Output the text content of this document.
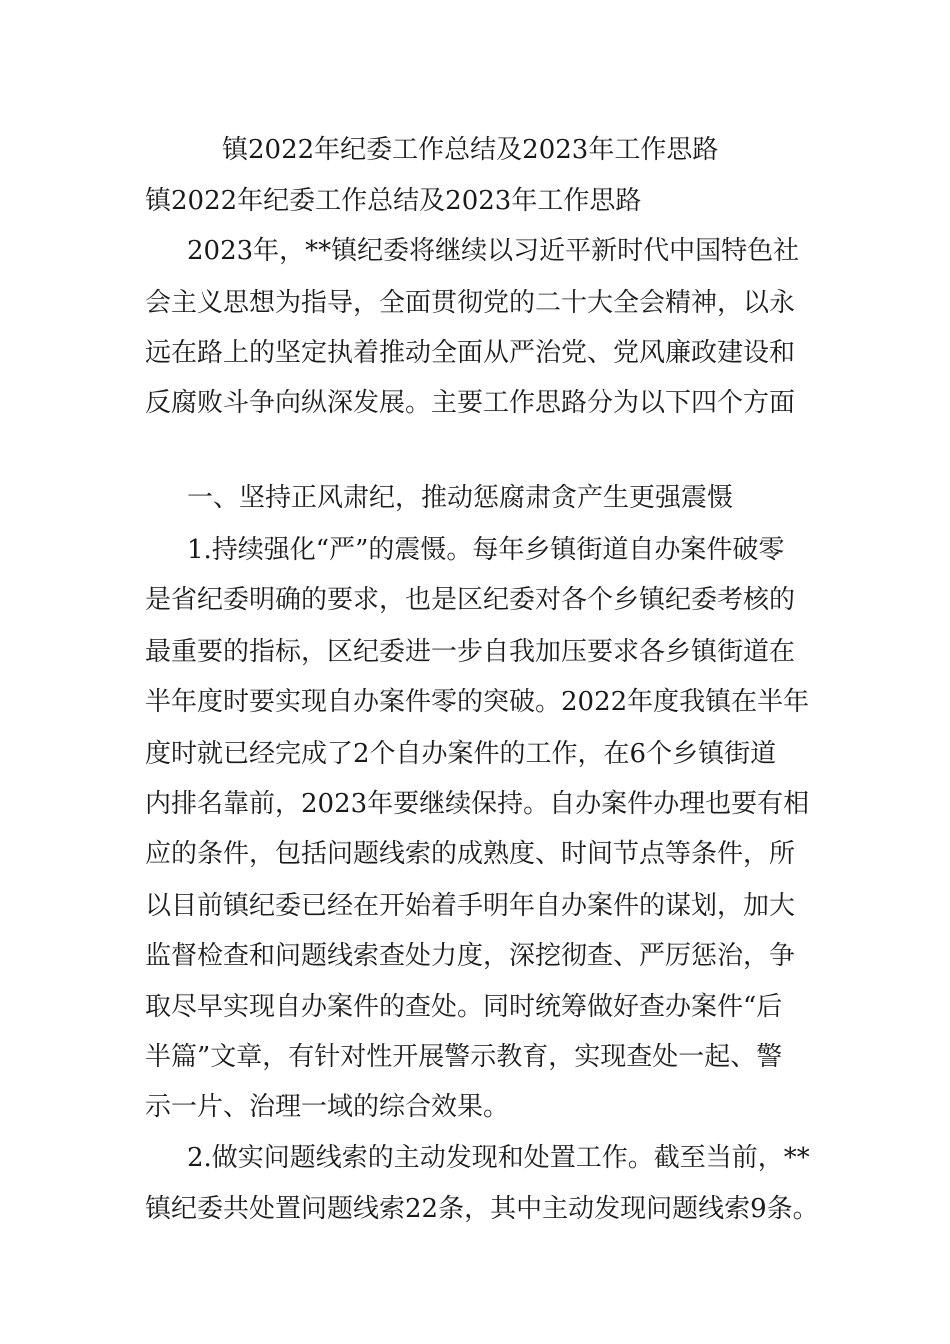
镇2022年纪委工作总结及2023年工作思路
镇2022年纪委工作总结及2023年工作思路
2023年，**镇纪委将继续以习近平新时代中国特色社
会主义思想为指导，全面贯彻党的二十大全会精神，以永
远在路上的坚定执着推动全面从严治党、党风廉政建设和
反腐败斗争向纵深发展。主要工作思路分为以下四个方面
一、坚持正风肃纪，推动惩腐肃贪产生更强震慑
1.持续强化“严”的震慑。每年乡镇街道自办案件破零
是省纪委明确的要求，也是区纪委对各个乡镇纪委考核的
最重要的指标，区纪委进一步自我加压要求各乡镇街道在
半年度时要实现自办案件零的突破。2022年度我镇在半年
度时就已经完成了2个自办案件的工作，在6个乡镇街道
内排名靠前，2023年要继续保持。自办案件办理也要有相
应的条件，包括问题线索的成熟度、时间节点等条件，所
以目前镇纪委已经在开始着手明年自办案件的谋划，加大
监督检查和问题线索查处力度，深挖彻查、严厉惩治，争
取尽早实现自办案件的查处。同时统筹做好查办案件“后
半篇”文章，有针对性开展警示教育，实现查处一起、警
示一片、治理一域的综合效果。
2.做实问题线索的主动发现和处置工作。截至当前，**
镇纪委共处置问题线索22条，其中主动发现问题线索9条。
